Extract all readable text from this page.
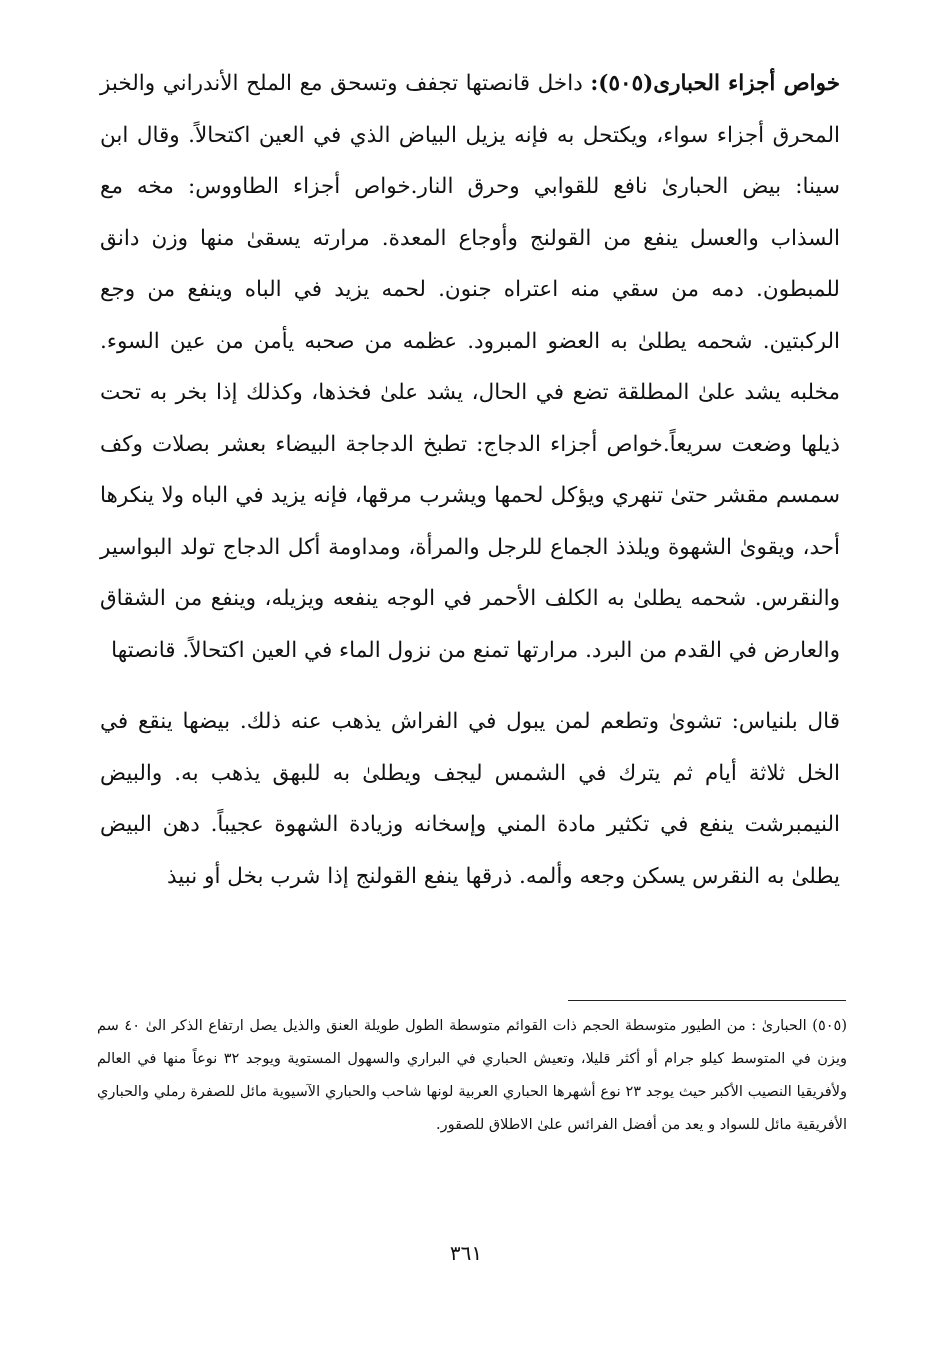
خواص أجزاء الحبارى(٥٠٥): داخل قانصتها تجفف وتسحق مع الملح الأندراني والخبز المحرق أجزاء سواء، ويكتحل به فإنه يزيل البياض الذي في العين اكتحالاً. وقال ابن سينا: بيض الحبارىٰ نافع للقوابي وحرق النار.خواص أجزاء الطاووس: مخه مع السذاب والعسل ينفع من القولنج وأوجاع المعدة. مرارته يسقىٰ منها وزن دانق للمبطون. دمه من سقي منه اعتراه جنون. لحمه يزيد في الباه وينفع من وجع الركبتين. شحمه يطلىٰ به العضو المبرود. عظمه من صحبه يأمن من عين السوء. مخلبه يشد علىٰ المطلقة تضع في الحال، يشد علىٰ فخذها، وكذلك إذا بخر به تحت ذيلها وضعت سريعاً.خواص أجزاء الدجاج: تطبخ الدجاجة البيضاء بعشر بصلات وكف سمسم مقشر حتىٰ تنهري ويؤكل لحمها ويشرب مرقها، فإنه يزيد في الباه ولا ينكرها أحد، ويقوىٰ الشهوة ويلذذ الجماع للرجل والمرأة، ومداومة أكل الدجاج تولد البواسير والنقرس. شحمه يطلىٰ به الكلف الأحمر في الوجه ينفعه ويزيله، وينفع من الشقاق والعارض في القدم من البرد. مرارتها تمنع من نزول الماء في العين اكتحالاً. قانصتها

قال بلنياس: تشوىٰ وتطعم لمن يبول في الفراش يذهب عنه ذلك. بيضها ينقع في الخل ثلاثة أيام ثم يترك في الشمس ليجف ويطلىٰ به للبهق يذهب به. والبيض النيمبرشت ينفع في تكثير مادة المني وإسخانه وزيادة الشهوة عجيباً. دهن البيض يطلىٰ به النقرس يسكن وجعه وألمه. ذرقها ينفع القولنج إذا شرب بخل أو نبيذ

(٥٠٥) الحبارىٰ : من الطيور متوسطة الحجم ذات القوائم متوسطة الطول طويلة العنق والذيل يصل ارتفاع الذكر الىٰ ٤٠ سم ويزن في المتوسط كيلو جرام أو أكثر قليلا، وتعيش الحباري في البراري والسهول المستوية ويوجد ٣٢ نوعاً منها في العالم ولأفريقيا النصيب الأكبر حيث يوجد ٢٣ نوع أشهرها الحباري العربية لونها شاحب والحباري الآسيوية مائل للصفرة رملي والحباري الأفريقية مائل للسواد و يعد من أفضل الفرائس علىٰ الاطلاق للصقور.

٣٦١
